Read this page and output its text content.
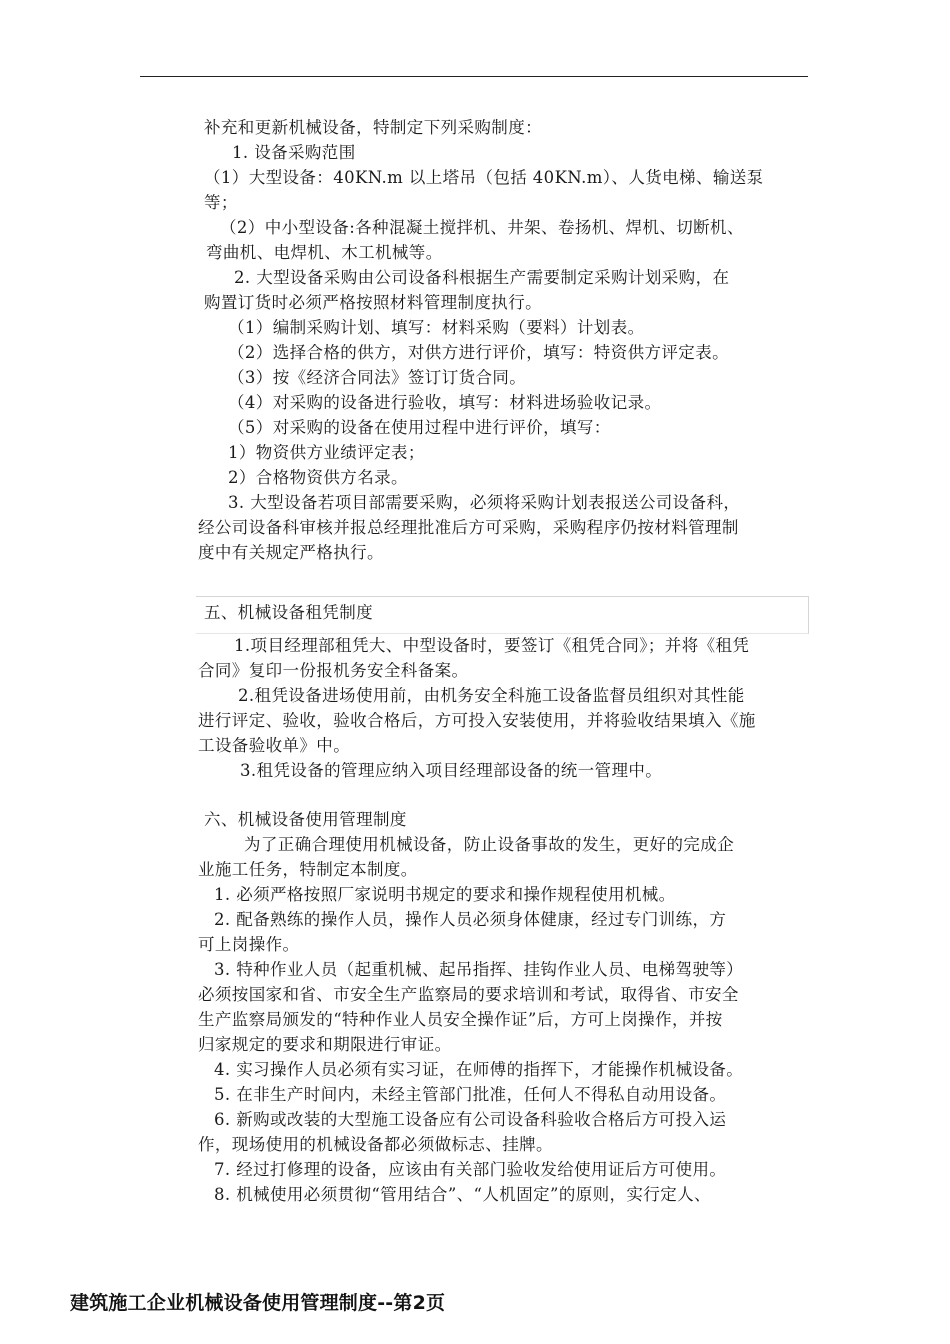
补充和更新机械设备，特制定下列采购制度：
1. 设备采购范围
（1）大型设备：40KN.m 以上塔吊（包括 40KN.m）、人货电梯、输送泵
等；
（2）中小型设备:各种混凝土搅拌机、井架、卷扬机、焊机、切断机、
弯曲机、电焊机、木工机械等。
2. 大型设备采购由公司设备科根据生产需要制定采购计划采购，在
购置订货时必须严格按照材料管理制度执行。
（1）编制采购计划、填写：材料采购（要料）计划表。
（2）选择合格的供方，对供方进行评价，填写：特资供方评定表。
（3）按《经济合同法》签订订货合同。
（4）对采购的设备进行验收，填写：材料进场验收记录。
（5）对采购的设备在使用过程中进行评价，填写：
1）物资供方业绩评定表；
2）合格物资供方名录。
3. 大型设备若项目部需要采购，必须将采购计划表报送公司设备科，
经公司设备科审核并报总经理批准后方可采购，采购程序仍按材料管理制
度中有关规定严格执行。
五、机械设备租凭制度
1.项目经理部租凭大、中型设备时，要签订《租凭合同》；并将《租凭
合同》复印一份报机务安全科备案。
2.租凭设备进场使用前，由机务安全科施工设备监督员组织对其性能
进行评定、验收，验收合格后，方可投入安装使用，并将验收结果填入《施
工设备验收单》中。
3.租凭设备的管理应纳入项目经理部设备的统一管理中。
六、机械设备使用管理制度
为了正确合理使用机械设备，防止设备事故的发生，更好的完成企
业施工任务，特制定本制度。
1. 必须严格按照厂家说明书规定的要求和操作规程使用机械。
2. 配备熟练的操作人员，操作人员必须身体健康，经过专门训练，方
可上岗操作。
3. 特种作业人员（起重机械、起吊指挥、挂钩作业人员、电梯驾驶等）
必须按国家和省、市安全生产监察局的要求培训和考试，取得省、市安全
生产监察局颁发的“特种作业人员安全操作证”后，方可上岗操作，并按
归家规定的要求和期限进行审证。
4. 实习操作人员必须有实习证，在师傅的指挥下，才能操作机械设备。
5. 在非生产时间内，未经主管部门批准，任何人不得私自动用设备。
6. 新购或改装的大型施工设备应有公司设备科验收合格后方可投入运
作，现场使用的机械设备都必须做标志、挂牌。
7. 经过打修理的设备，应该由有关部门验收发给使用证后方可使用。
8. 机械使用必须贯彻“管用结合”、“人机固定”的原则，实行定人、
建筑施工企业机械设备使用管理制度--第2页
